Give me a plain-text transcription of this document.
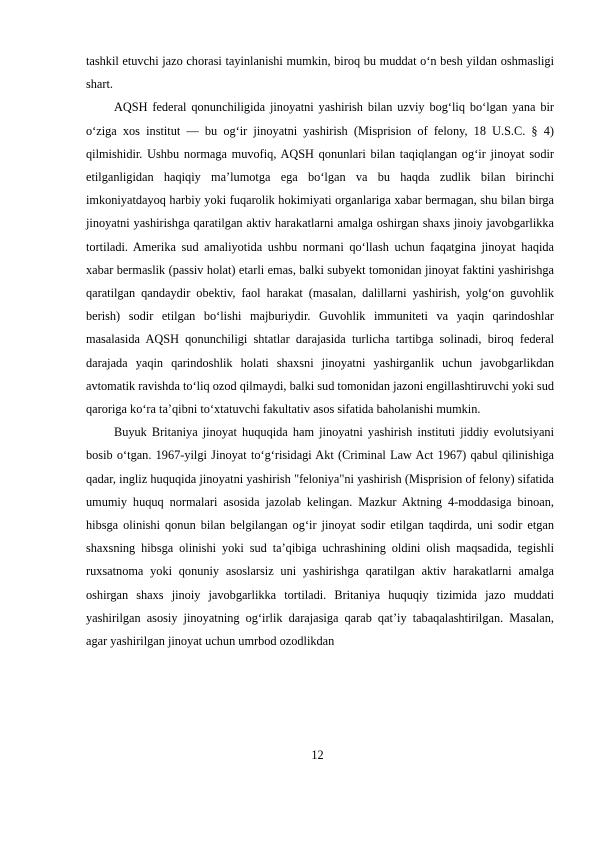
tashkil etuvchi jazo chorasi tayinlanishi mumkin, biroq bu muddat o‘n besh yildan oshmasligi shart.

AQSH federal qonunchiligida jinoyatni yashirish bilan uzviy bog‘liq bo‘lgan yana bir o‘ziga xos institut — bu og‘ir jinoyatni yashirish (Misprision of felony, 18 U.S.C. § 4) qilmishidir. Ushbu normaga muvofiq, AQSH qonunlari bilan taqiqlangan og‘ir jinoyat sodir etilganligidan haqiqiy ma’lumotga ega bo‘lgan va bu haqda zudlik bilan birinchi imkoniyatdayoq harbiy yoki fuqarolik hokimiyati organlariga xabar bermagan, shu bilan birga jinoyatni yashirishga qaratilgan aktiv harakatlarni amalga oshirgan shaxs jinoiy javobgarlikka tortiladi. Amerika sud amaliyotida ushbu normani qo‘llash uchun faqatgina jinoyat haqida xabar bermaslik (passiv holat) etarli emas, balki subyekt tomonidan jinoyat faktini yashirishga qaratilgan qandaydir obektiv, faol harakat (masalan, dalillarni yashirish, yolg‘on guvohlik berish) sodir etilgan bo‘lishi majburiydir. Guvohlik immuniteti va yaqin qarindoshlar masalasida AQSH qonunchiligi shtatlar darajasida turlicha tartibga solinadi, biroq federal darajada yaqin qarindoshlik holati shaxsni jinoyatni yashirganlik uchun javobgarlikdan avtomatik ravishda to‘liq ozod qilmaydi, balki sud tomonidan jazoni engillashtiruvchi yoki sud qaroriga ko‘ra ta’qibni to‘xtatuvchi fakultativ asos sifatida baholanishi mumkin.

Buyuk Britaniya jinoyat huquqida ham jinoyatni yashirish instituti jiddiy evolutsiyani bosib o‘tgan. 1967-yilgi Jinoyat to‘g‘risidagi Akt (Criminal Law Act 1967) qabul qilinishiga qadar, ingliz huquqida jinoyatni yashirish "feloniya"ni yashirish (Misprision of felony) sifatida umumiy huquq normalari asosida jazolab kelingan. Mazkur Aktning 4-moddasiga binoan, hibsga olinishi qonun bilan belgilangan og‘ir jinoyat sodir etilgan taqdirda, uni sodir etgan shaxsning hibsga olinishi yoki sud ta’qibiga uchrashining oldini olish maqsadida, tegishli ruxsatnoma yoki qonuniy asoslarsiz uni yashirishga qaratilgan aktiv harakatlarni amalga oshirgan shaxs jinoiy javobgarlikka tortiladi. Britaniya huquqiy tizimida jazo muddati yashirilgan asosiy jinoyatning og‘irlik darajasiga qarab qat’iy tabaqalashtirilgan. Masalan, agar yashirilgan jinoyat uchun umrbod ozodlikdan

12
